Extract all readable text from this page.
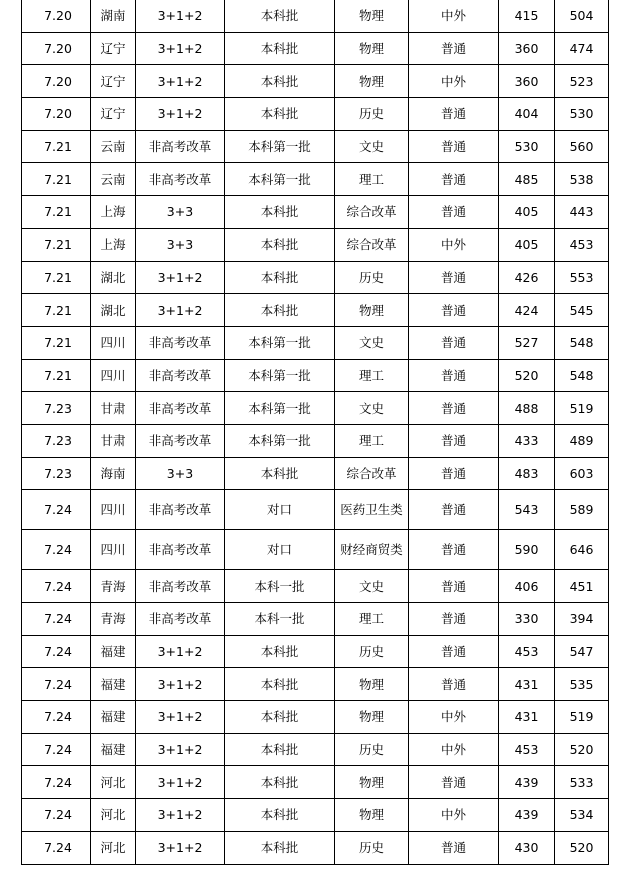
7.20	湖南	3+1+2	本科批	物理	中外	415	504
7.20	辽宁	3+1+2	本科批	物理	普通	360	474
7.20	辽宁	3+1+2	本科批	物理	中外	360	523
7.20	辽宁	3+1+2	本科批	历史	普通	404	530
7.21	云南	非高考改革	本科第一批	文史	普通	530	560
7.21	云南	非高考改革	本科第一批	理工	普通	485	538
7.21	上海	3+3	本科批	综合改革	普通	405	443
7.21	上海	3+3	本科批	综合改革	中外	405	453
7.21	湖北	3+1+2	本科批	历史	普通	426	553
7.21	湖北	3+1+2	本科批	物理	普通	424	545
7.21	四川	非高考改革	本科第一批	文史	普通	527	548
7.21	四川	非高考改革	本科第一批	理工	普通	520	548
7.23	甘肃	非高考改革	本科第一批	文史	普通	488	519
7.23	甘肃	非高考改革	本科第一批	理工	普通	433	489
7.23	海南	3+3	本科批	综合改革	普通	483	603
7.24	四川	非高考改革	对口	医药卫生类	普通	543	589
7.24	四川	非高考改革	对口	财经商贸类	普通	590	646
7.24	青海	非高考改革	本科一批	文史	普通	406	451
7.24	青海	非高考改革	本科一批	理工	普通	330	394
7.24	福建	3+1+2	本科批	历史	普通	453	547
7.24	福建	3+1+2	本科批	物理	普通	431	535
7.24	福建	3+1+2	本科批	物理	中外	431	519
7.24	福建	3+1+2	本科批	历史	中外	453	520
7.24	河北	3+1+2	本科批	物理	普通	439	533
7.24	河北	3+1+2	本科批	物理	中外	439	534
7.24	河北	3+1+2	本科批	历史	普通	430	520
